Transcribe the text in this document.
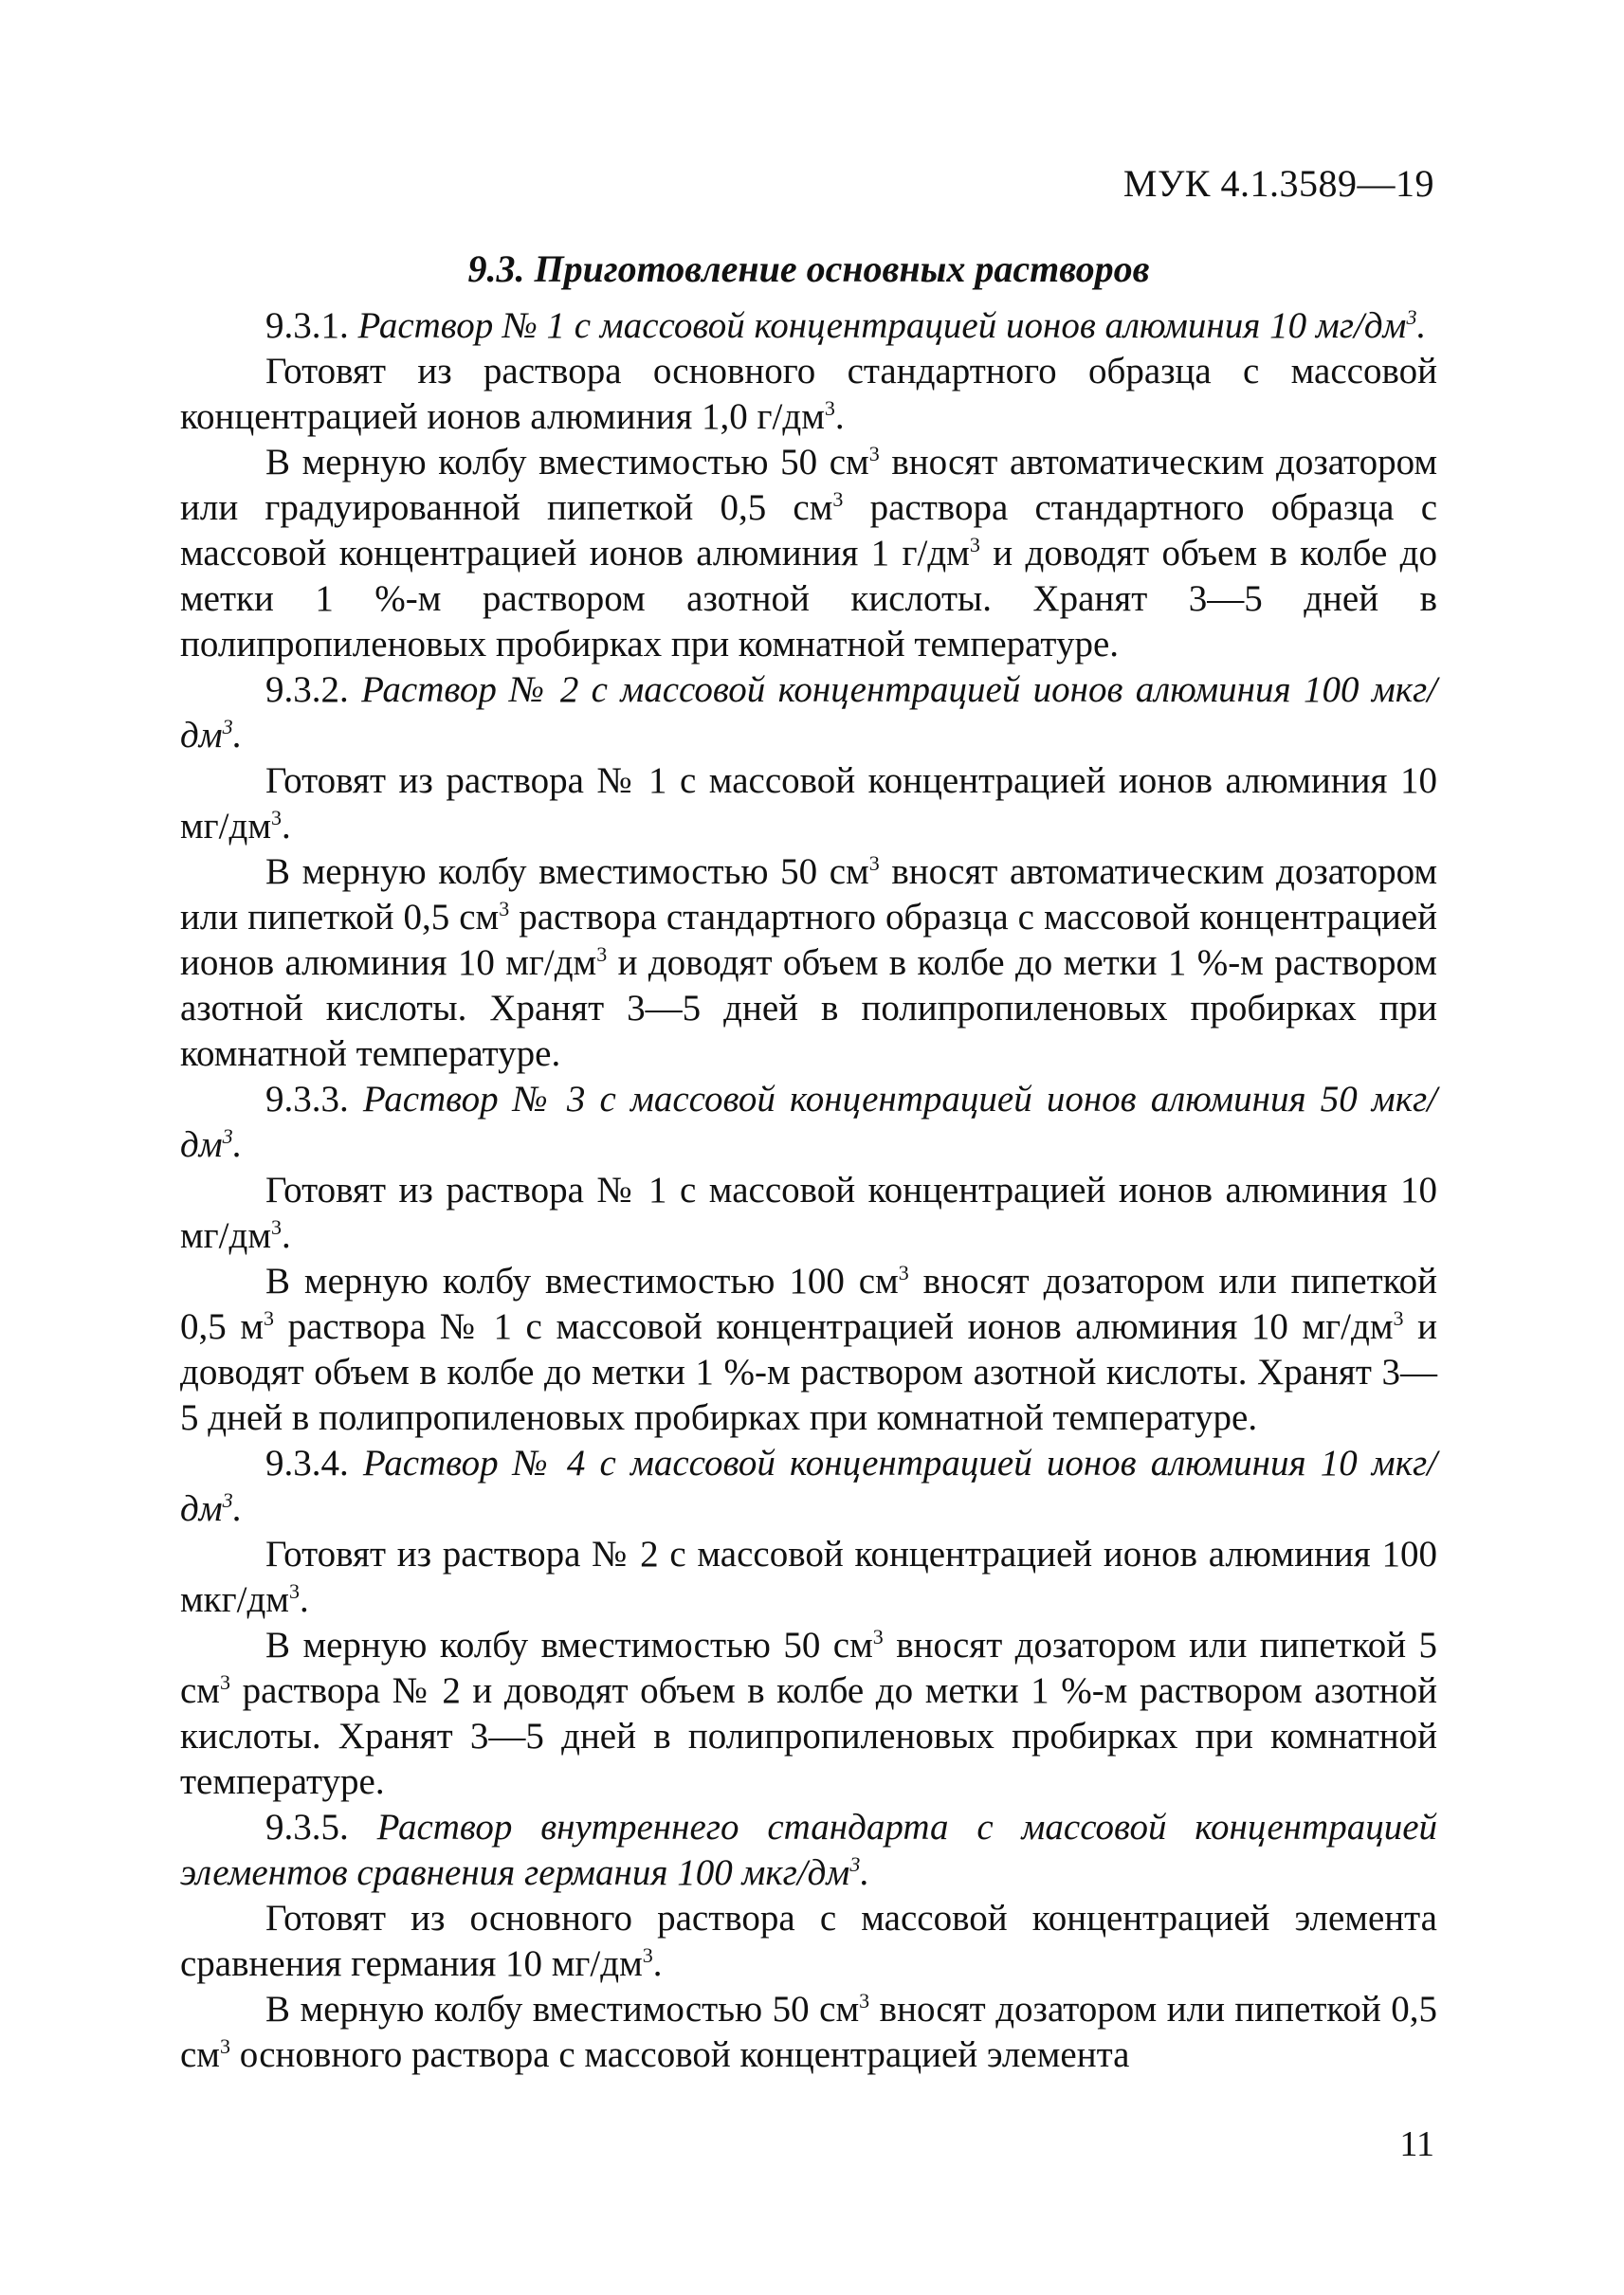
МУК 4.1.3589—19

9.3. Приготовление основных растворов

9.3.1. Раствор № 1 с массовой концентрацией ионов алюминия 10 $мг/дм^3$.

Готовят из раствора основного стандартного образца с массовой концентрацией ионов алюминия 1,0 $г/дм^3$.

В мерную колбу вместимостью 50 $см^3$ вносят автоматическим дозатором или градуированной пипеткой 0,5 $см^3$ раствора стандартного образца с массовой концентрацией ионов алюминия 1 $г/дм^3$ и доводят объем в колбе до метки 1 %-м раствором азотной кислоты. Хранят 3—5 дней в полипропиленовых пробирках при комнатной температуре.

9.3.2. Раствор № 2 с массовой концентрацией ионов алюминия 100 мкг/$дм^3$.

Готовят из раствора № 1 с массовой концентрацией ионов алюминия 10 $мг/дм^3$.

В мерную колбу вместимостью 50 $см^3$ вносят автоматическим дозатором или пипеткой 0,5 $см^3$ раствора стандартного образца с массовой концентрацией ионов алюминия 10 $мг/дм^3$ и доводят объем в колбе до метки 1 %-м раствором азотной кислоты. Хранят 3—5 дней в полипропиленовых пробирках при комнатной температуре.

9.3.3. Раствор № 3 с массовой концентрацией ионов алюминия 50 мкг/$дм^3$.

Готовят из раствора № 1 с массовой концентрацией ионов алюминия 10 $мг/дм^3$.

В мерную колбу вместимостью 100 $см^3$ вносят дозатором или пипеткой 0,5 $м^3$ раствора № 1 с массовой концентрацией ионов алюминия 10 $мг/дм^3$ и доводят объем в колбе до метки 1 %-м раствором азотной кислоты. Хранят 3—5 дней в полипропиленовых пробирках при комнатной температуре.

9.3.4. Раствор № 4 с массовой концентрацией ионов алюминия 10 мкг/$дм^3$.

Готовят из раствора № 2 с массовой концентрацией ионов алюминия 100 мкг/$дм^3$.

В мерную колбу вместимостью 50 $см^3$ вносят дозатором или пипеткой 5 $см^3$ раствора № 2 и доводят объем в колбе до метки 1 %-м раствором азотной кислоты. Хранят 3—5 дней в полипропиленовых пробирках при комнатной температуре.

9.3.5. Раствор внутреннего стандарта с массовой концентрацией элементов сравнения германия 100 мкг/$дм^3$.

Готовят из основного раствора с массовой концентрацией элемента сравнения германия 10 $мг/дм^3$.

В мерную колбу вместимостью 50 $см^3$ вносят дозатором или пипеткой 0,5 $см^3$ основного раствора с массовой концентрацией элемента

11
